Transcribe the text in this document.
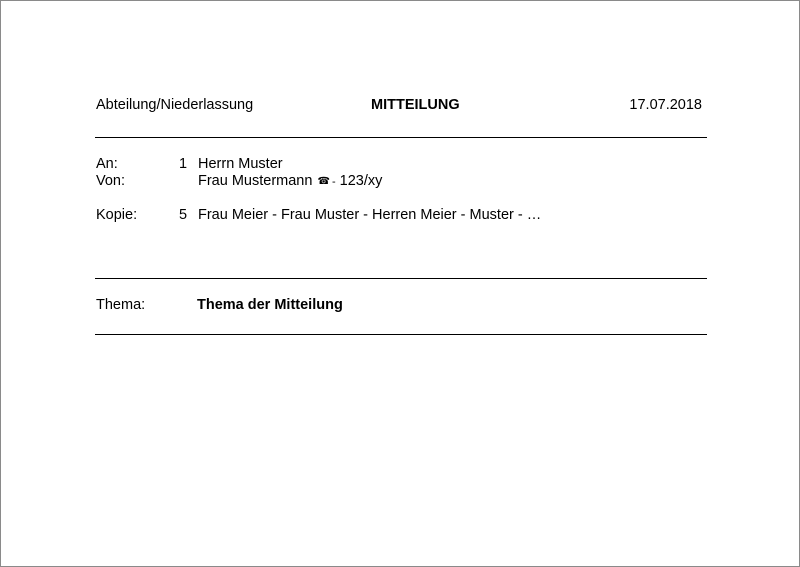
Abteilung/Niederlassung	MITTEILUNG	17.07.2018
An:	1 Herrn Muster
Von:	Frau Mustermann ☎ - 123/xy
Kopie:	5 Frau Meier - Frau Muster - Herren Meier - Muster - …
Thema:	Thema der Mitteilung
